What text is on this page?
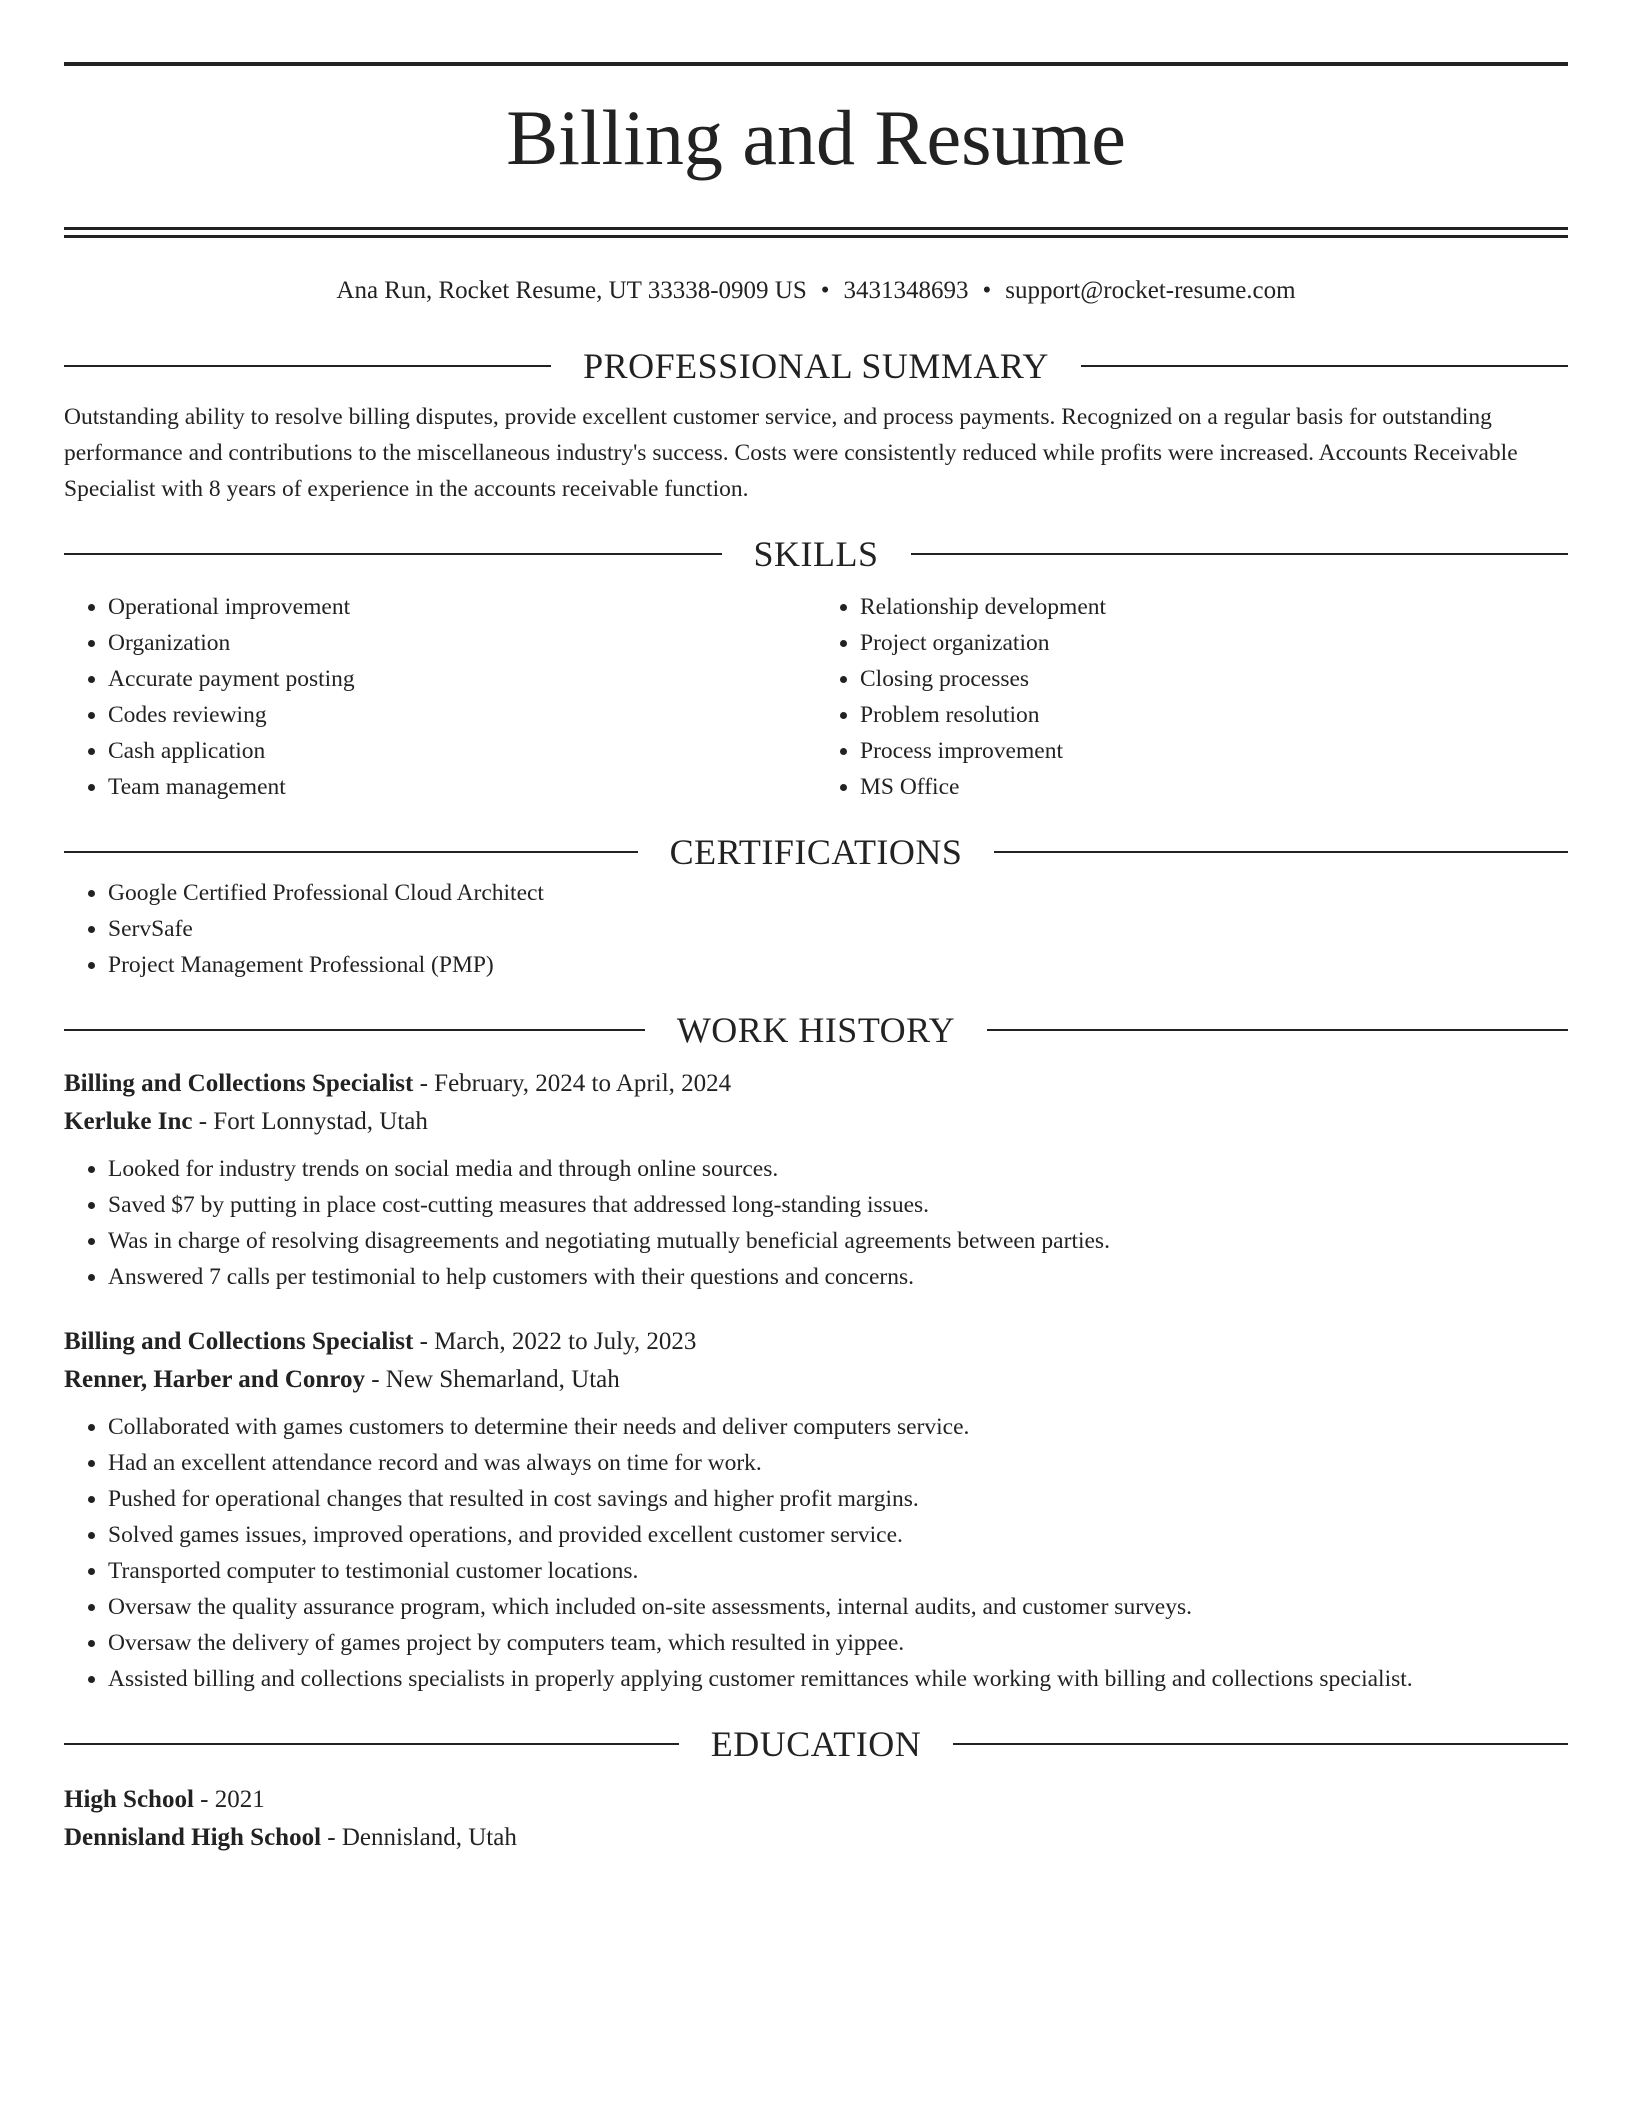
Billing and Resume
Ana Run, Rocket Resume, UT 33338-0909 US • 3431348693 • support@rocket-resume.com
PROFESSIONAL SUMMARY

Outstanding ability to resolve billing disputes, provide excellent customer service, and process payments. Recognized on a regular basis for outstanding performance and contributions to the miscellaneous industry's success. Costs were consistently reduced while profits were increased. Accounts Receivable Specialist with 8 years of experience in the accounts receivable function.

SKILLS
• Operational improvement
• Organization
• Accurate payment posting
• Codes reviewing
• Cash application
• Team management
• Relationship development
• Project organization
• Closing processes
• Problem resolution
• Process improvement
• MS Office
CERTIFICATIONS
• Google Certified Professional Cloud Architect
• ServSafe
• Project Management Professional (PMP)
WORK HISTORY
Billing and Collections Specialist - February, 2024 to April, 2024
Kerluke Inc - Fort Lonnystad, Utah
• Looked for industry trends on social media and through online sources.
• Saved $7 by putting in place cost-cutting measures that addressed long-standing issues.
• Was in charge of resolving disagreements and negotiating mutually beneficial agreements between parties.
• Answered 7 calls per testimonial to help customers with their questions and concerns.
Billing and Collections Specialist - March, 2022 to July, 2023
Renner, Harber and Conroy - New Shemarland, Utah
• Collaborated with games customers to determine their needs and deliver computers service.
• Had an excellent attendance record and was always on time for work.
• Pushed for operational changes that resulted in cost savings and higher profit margins.
• Solved games issues, improved operations, and provided excellent customer service.
• Transported computer to testimonial customer locations.
• Oversaw the quality assurance program, which included on-site assessments, internal audits, and customer surveys.
• Oversaw the delivery of games project by computers team, which resulted in yippee.
• Assisted billing and collections specialists in properly applying customer remittances while working with billing and collections specialist.
EDUCATION
High School - 2021
Dennisland High School - Dennisland, Utah
